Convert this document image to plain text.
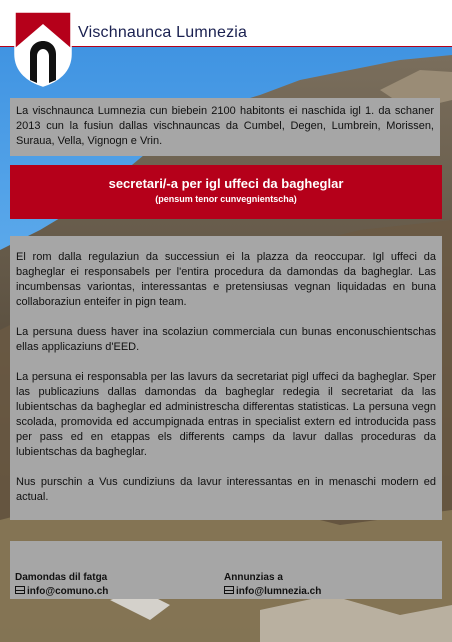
Vischnaunca Lumnezia
La vischnaunca Lumnezia cun biebein 2100 habitonts ei naschida igl 1. da schaner 2013 cun la fusiun dallas vischnauncas da Cumbel, Degen, Lumbrein, Morissen, Suraua, Vella, Vignogn e Vrin.
secretari/-a per igl uffeci da bagheglar
(pensum tenor cunvegnientscha)

El rom dalla regulaziun da successiun ei la plazza da reoccupar. Igl uffeci da bagheglar ei responsabels per l'entira procedura da damondas da bagheglar. Las incumbensas variontas, interessantas e pretensiusas vegnan liquidadas en buna collaboraziun enteifer in pign team.

La persuna duess haver ina scolaziun commerciala cun bunas enconuschientschas ellas applicaziuns d'EED.

La persuna ei responsabla per las lavurs da secretariat pigl uffeci da bagheglar. Sper las publicaziuns dallas damondas da bagheglar redegia il secretariat da las lubientschas da bagheglar ed administrescha differentas statisticas. La persuna vegn scolada, promovida ed accumpignada entras in specialist extern ed introducida pass per pass ed en etappas els differents camps da lavur dallas proceduras da lubientschas da bagheglar.

Nus purschin a Vus cundiziuns da lavur interessantas en in menaschi modern ed actual.

Damondas dil fatga
info@comuno.ch
Annunzias a
info@lumnezia.ch
